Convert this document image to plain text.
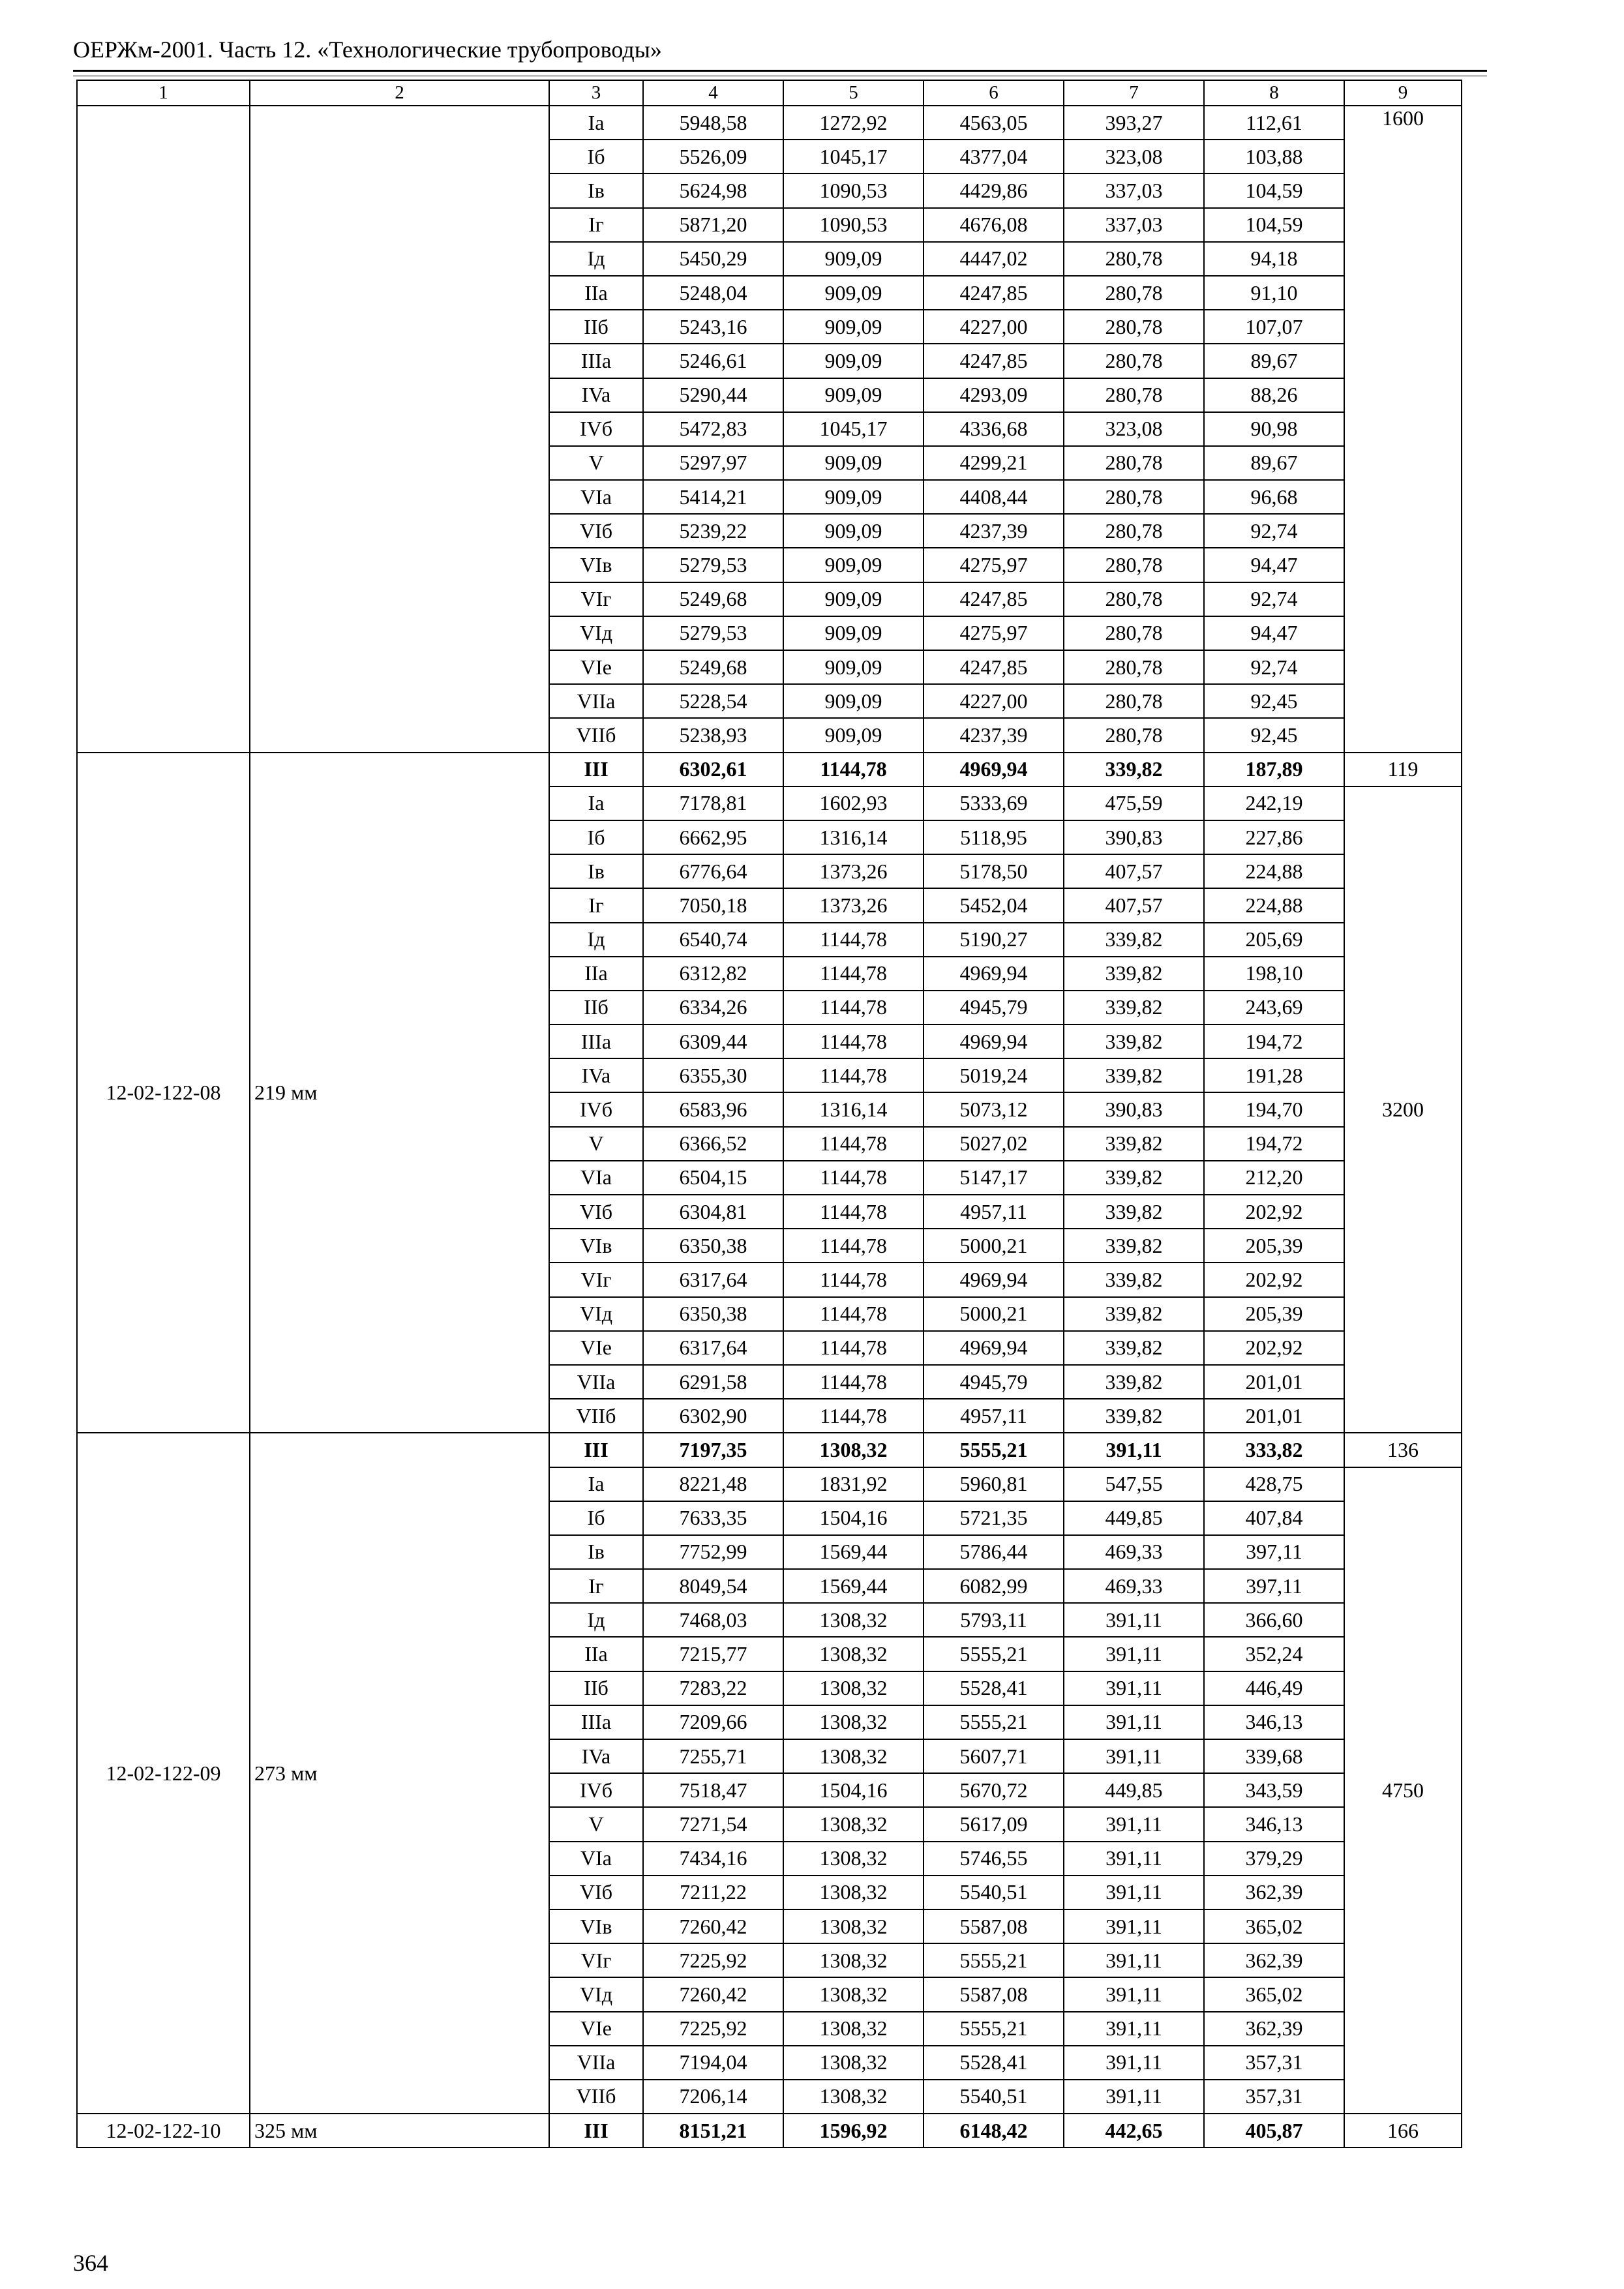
ОЕРЖм-2001. Часть 12. «Технологические трубопроводы»
1	2	3	4	5	6	7	8	9
		Ia	5948,58	1272,92	4563,05	393,27	112,61	1600
		Iб	5526,09	1045,17	4377,04	323,08	103,88	
		Iв	5624,98	1090,53	4429,86	337,03	104,59	
		Iг	5871,20	1090,53	4676,08	337,03	104,59	
		Iд	5450,29	909,09	4447,02	280,78	94,18	
		IIa	5248,04	909,09	4247,85	280,78	91,10	
		IIб	5243,16	909,09	4227,00	280,78	107,07	
		IIIa	5246,61	909,09	4247,85	280,78	89,67	
		IVa	5290,44	909,09	4293,09	280,78	88,26	
		IVб	5472,83	1045,17	4336,68	323,08	90,98	
		V	5297,97	909,09	4299,21	280,78	89,67	
		VIa	5414,21	909,09	4408,44	280,78	96,68	
		VIб	5239,22	909,09	4237,39	280,78	92,74	
		VIв	5279,53	909,09	4275,97	280,78	94,47	
		VIг	5249,68	909,09	4247,85	280,78	92,74	
		VIд	5279,53	909,09	4275,97	280,78	94,47	
		VIe	5249,68	909,09	4247,85	280,78	92,74	
		VIIa	5228,54	909,09	4227,00	280,78	92,45	
		VIIб	5238,93	909,09	4237,39	280,78	92,45	
12-02-122-08	219 мм	III	6302,61	1144,78	4969,94	339,82	187,89	119
		Ia	7178,81	1602,93	5333,69	475,59	242,19	3200
		Iб	6662,95	1316,14	5118,95	390,83	227,86	
		Iв	6776,64	1373,26	5178,50	407,57	224,88	
		Iг	7050,18	1373,26	5452,04	407,57	224,88	
		Iд	6540,74	1144,78	5190,27	339,82	205,69	
		IIa	6312,82	1144,78	4969,94	339,82	198,10	
		IIб	6334,26	1144,78	4945,79	339,82	243,69	
		IIIa	6309,44	1144,78	4969,94	339,82	194,72	
		IVa	6355,30	1144,78	5019,24	339,82	191,28	
		IVб	6583,96	1316,14	5073,12	390,83	194,70	
		V	6366,52	1144,78	5027,02	339,82	194,72	
		VIa	6504,15	1144,78	5147,17	339,82	212,20	
		VIб	6304,81	1144,78	4957,11	339,82	202,92	
		VIв	6350,38	1144,78	5000,21	339,82	205,39	
		VIг	6317,64	1144,78	4969,94	339,82	202,92	
		VIд	6350,38	1144,78	5000,21	339,82	205,39	
		VIe	6317,64	1144,78	4969,94	339,82	202,92	
		VIIa	6291,58	1144,78	4945,79	339,82	201,01	
		VIIб	6302,90	1144,78	4957,11	339,82	201,01	
12-02-122-09	273 мм	III	7197,35	1308,32	5555,21	391,11	333,82	136
		Ia	8221,48	1831,92	5960,81	547,55	428,75	4750
		Iб	7633,35	1504,16	5721,35	449,85	407,84	
		Iв	7752,99	1569,44	5786,44	469,33	397,11	
		Iг	8049,54	1569,44	6082,99	469,33	397,11	
		Iд	7468,03	1308,32	5793,11	391,11	366,60	
		IIa	7215,77	1308,32	5555,21	391,11	352,24	
		IIб	7283,22	1308,32	5528,41	391,11	446,49	
		IIIa	7209,66	1308,32	5555,21	391,11	346,13	
		IVa	7255,71	1308,32	5607,71	391,11	339,68	
		IVб	7518,47	1504,16	5670,72	449,85	343,59	
		V	7271,54	1308,32	5617,09	391,11	346,13	
		VIa	7434,16	1308,32	5746,55	391,11	379,29	
		VIб	7211,22	1308,32	5540,51	391,11	362,39	
		VIв	7260,42	1308,32	5587,08	391,11	365,02	
		VIг	7225,92	1308,32	5555,21	391,11	362,39	
		VIд	7260,42	1308,32	5587,08	391,11	365,02	
		VIe	7225,92	1308,32	5555,21	391,11	362,39	
		VIIa	7194,04	1308,32	5528,41	391,11	357,31	
		VIIб	7206,14	1308,32	5540,51	391,11	357,31	
12-02-122-10	325 мм	III	8151,21	1596,92	6148,42	442,65	405,87	166
364
